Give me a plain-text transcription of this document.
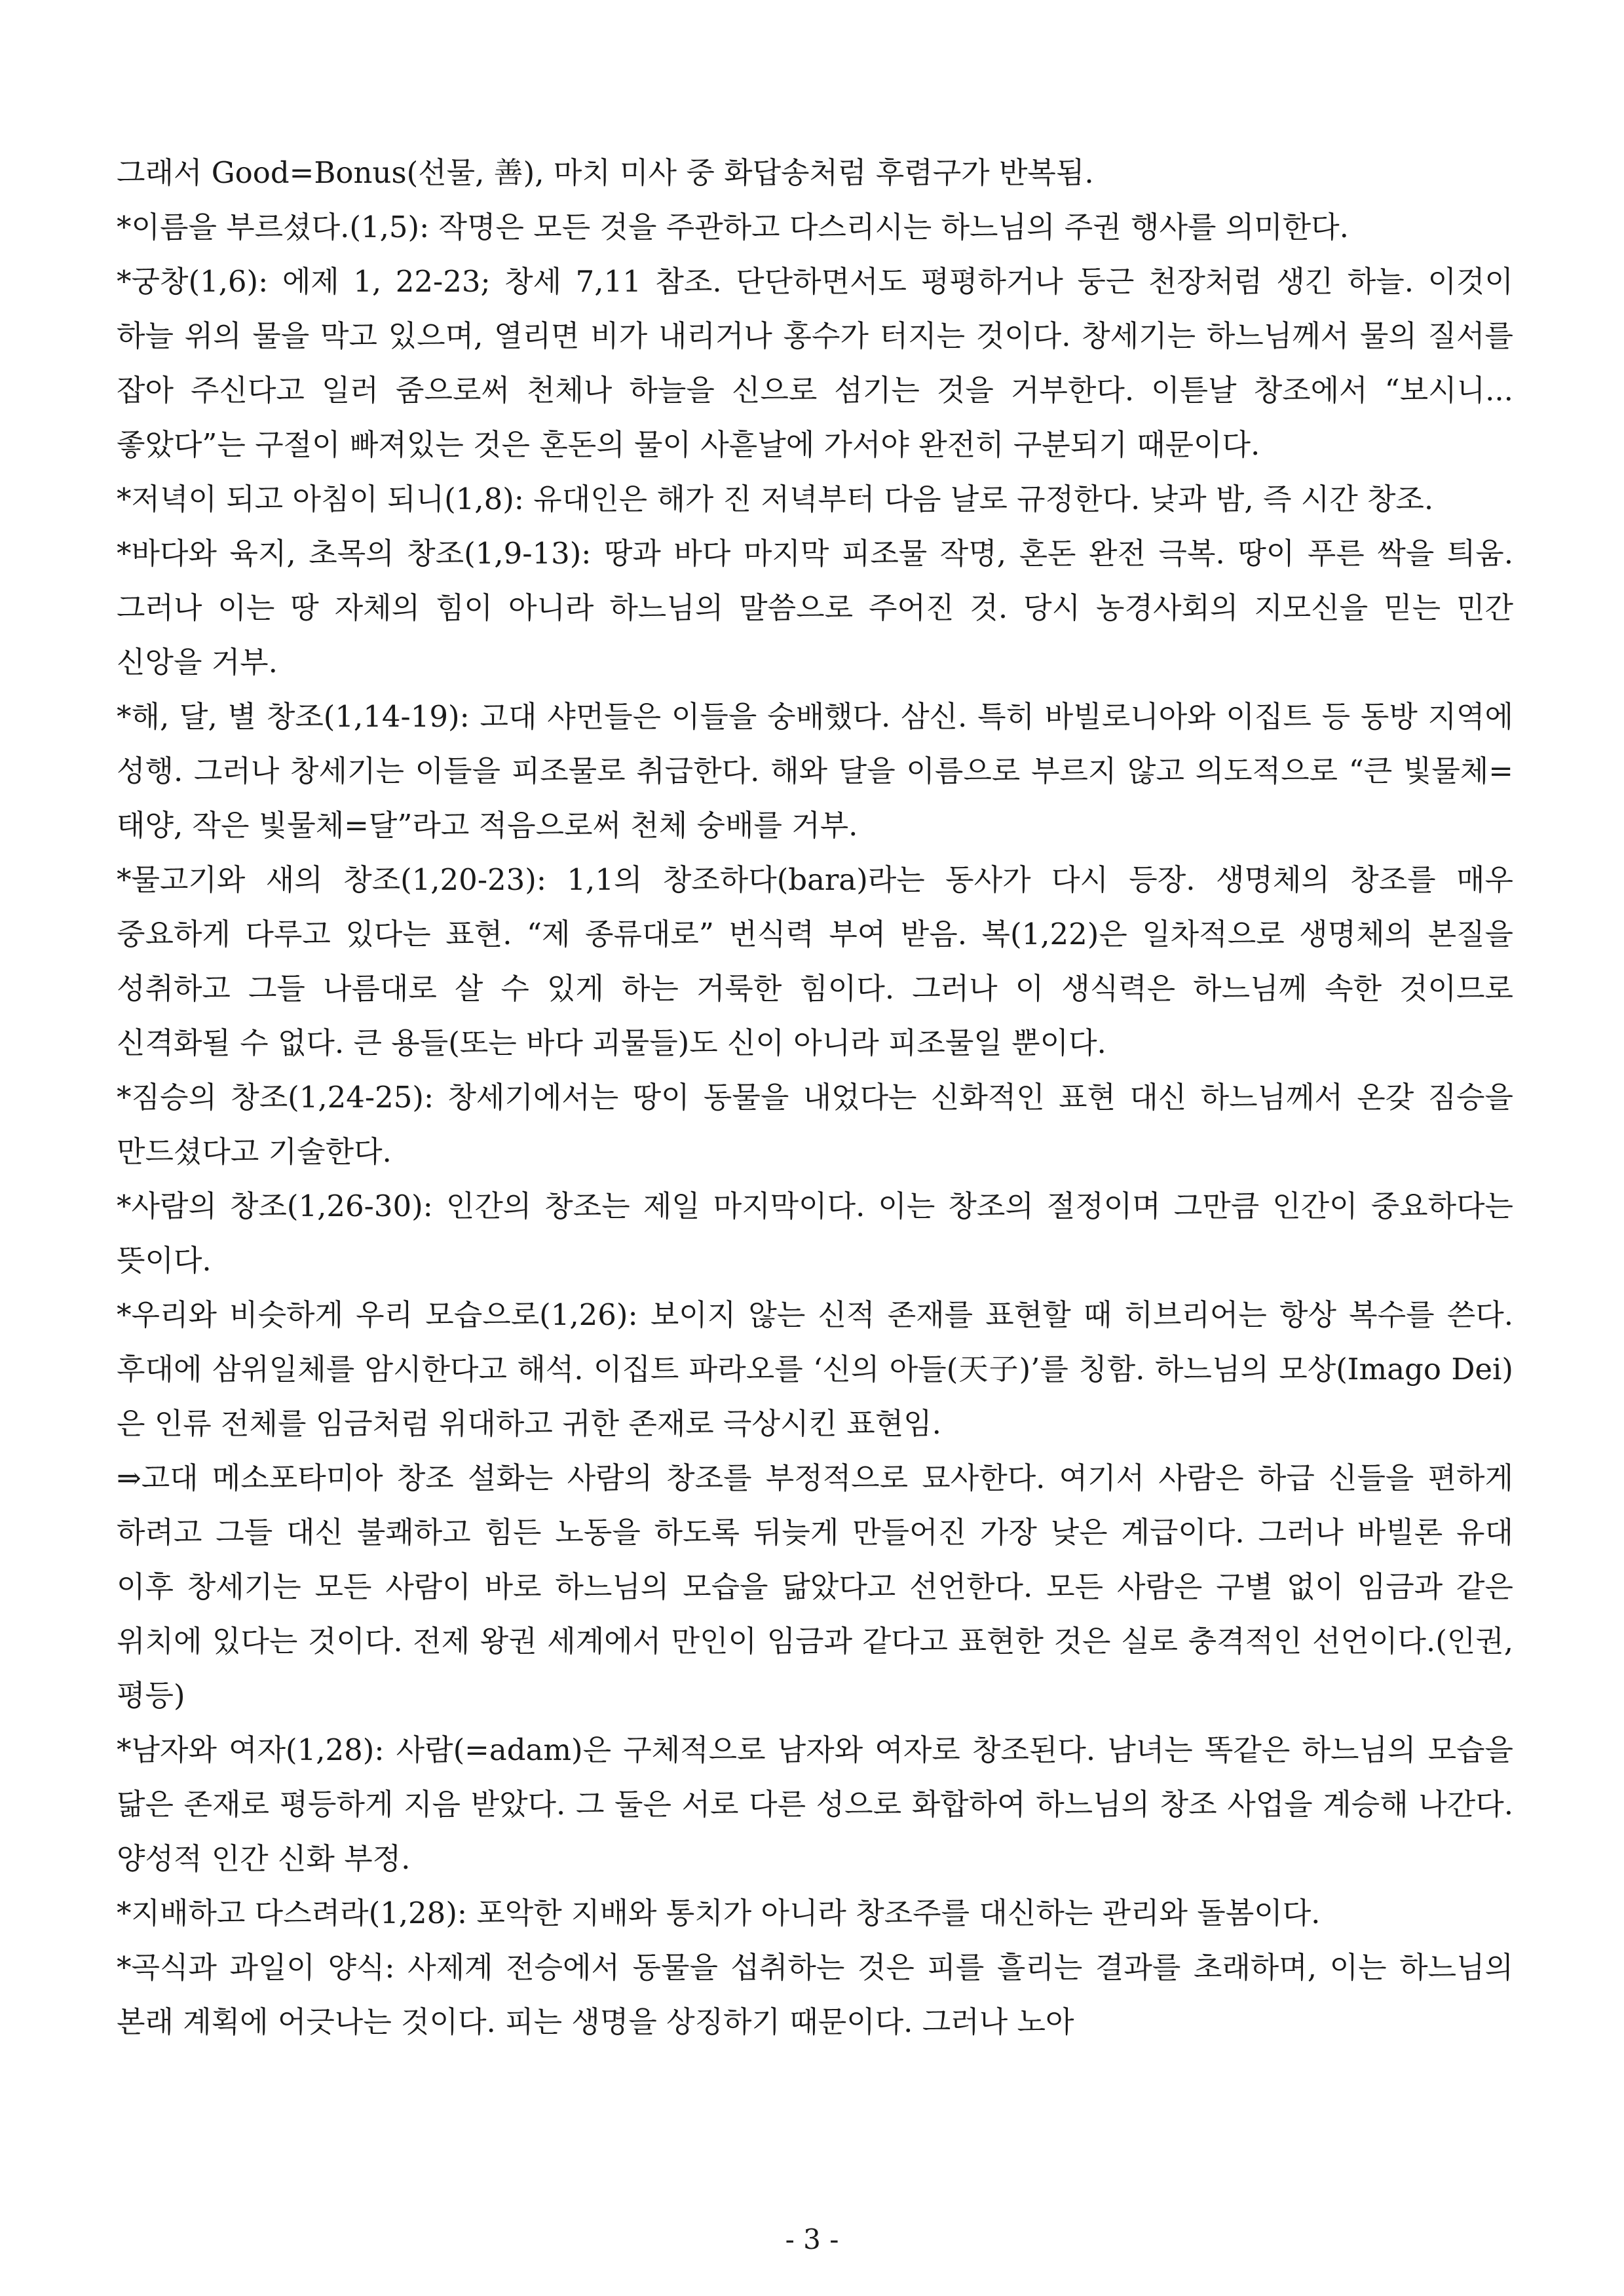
그래서 Good=Bonus(선물, 善), 마치 미사 중 화답송처럼 후렴구가 반복됨.

*이름을 부르셨다.(1,5): 작명은 모든 것을 주관하고 다스리시는 하느님의 주권 행사를 의미한다.

*궁창(1,6): 에제 1, 22-23; 창세 7,11 참조. 단단하면서도 평평하거나 둥근 천장처럼 생긴 하늘. 이것이 하늘 위의 물을 막고 있으며, 열리면 비가 내리거나 홍수가 터지는 것이다. 창세기는 하느님께서 물의 질서를 잡아 주신다고 일러 줌으로써 천체나 하늘을 신으로 섬기는 것을 거부한다. 이튿날 창조에서 “보시니... 좋았다”는 구절이 빠져있는 것은 혼돈의 물이 사흗날에 가서야 완전히 구분되기 때문이다.

*저녁이 되고 아침이 되니(1,8): 유대인은 해가 진 저녁부터 다음 날로 규정한다. 낮과 밤, 즉 시간 창조.

*바다와 육지, 초목의 창조(1,9-13): 땅과 바다 마지막 피조물 작명, 혼돈 완전 극복. 땅이 푸른 싹을 틔움. 그러나 이는 땅 자체의 힘이 아니라 하느님의 말씀으로 주어진 것. 당시 농경사회의 지모신을 믿는 민간 신앙을 거부.

*해, 달, 별 창조(1,14-19): 고대 샤먼들은 이들을 숭배했다. 삼신. 특히 바빌로니아와 이집트 등 동방 지역에 성행. 그러나 창세기는 이들을 피조물로 취급한다. 해와 달을 이름으로 부르지 않고 의도적으로 “큰 빛물체=태양, 작은 빛물체=달”라고 적음으로써 천체 숭배를 거부.

*물고기와 새의 창조(1,20-23): 1,1의 창조하다(bara)라는 동사가 다시 등장. 생명체의 창조를 매우 중요하게 다루고 있다는 표현. “제 종류대로” 번식력 부여 받음. 복(1,22)은 일차적으로 생명체의 본질을 성취하고 그들 나름대로 살 수 있게 하는 거룩한 힘이다. 그러나 이 생식력은 하느님께 속한 것이므로 신격화될 수 없다. 큰 용들(또는 바다 괴물들)도 신이 아니라 피조물일 뿐이다.

*짐승의 창조(1,24-25): 창세기에서는 땅이 동물을 내었다는 신화적인 표현 대신 하느님께서 온갖 짐승을 만드셨다고 기술한다.

*사람의 창조(1,26-30): 인간의 창조는 제일 마지막이다. 이는 창조의 절정이며 그만큼 인간이 중요하다는 뜻이다.

*우리와 비슷하게 우리 모습으로(1,26): 보이지 않는 신적 존재를 표현할 때 히브리어는 항상 복수를 쓴다. 후대에 삼위일체를 암시한다고 해석. 이집트 파라오를 ‘신의 아들(天子)’를 칭함. 하느님의 모상(Imago Dei)은 인류 전체를 임금처럼 위대하고 귀한 존재로 극상시킨 표현임.

⇒고대 메소포타미아 창조 설화는 사람의 창조를 부정적으로 묘사한다. 여기서 사람은 하급 신들을 편하게 하려고 그들 대신 불쾌하고 힘든 노동을 하도록 뒤늦게 만들어진 가장 낮은 계급이다. 그러나 바빌론 유대 이후 창세기는 모든 사람이 바로 하느님의 모습을 닮았다고 선언한다. 모든 사람은 구별 없이 임금과 같은 위치에 있다는 것이다. 전제 왕권 세계에서 만인이 임금과 같다고 표현한 것은 실로 충격적인 선언이다.(인권, 평등)

*남자와 여자(1,28): 사람(=adam)은 구체적으로 남자와 여자로 창조된다. 남녀는 똑같은 하느님의 모습을 닮은 존재로 평등하게 지음 받았다. 그 둘은 서로 다른 성으로 화합하여 하느님의 창조 사업을 계승해 나간다. 양성적 인간 신화 부정.

*지배하고 다스려라(1,28): 포악한 지배와 통치가 아니라 창조주를 대신하는 관리와 돌봄이다.

*곡식과 과일이 양식: 사제계 전승에서 동물을 섭취하는 것은 피를 흘리는 결과를 초래하며, 이는 하느님의 본래 계획에 어긋나는 것이다. 피는 생명을 상징하기 때문이다. 그러나 노아

- 3 -
